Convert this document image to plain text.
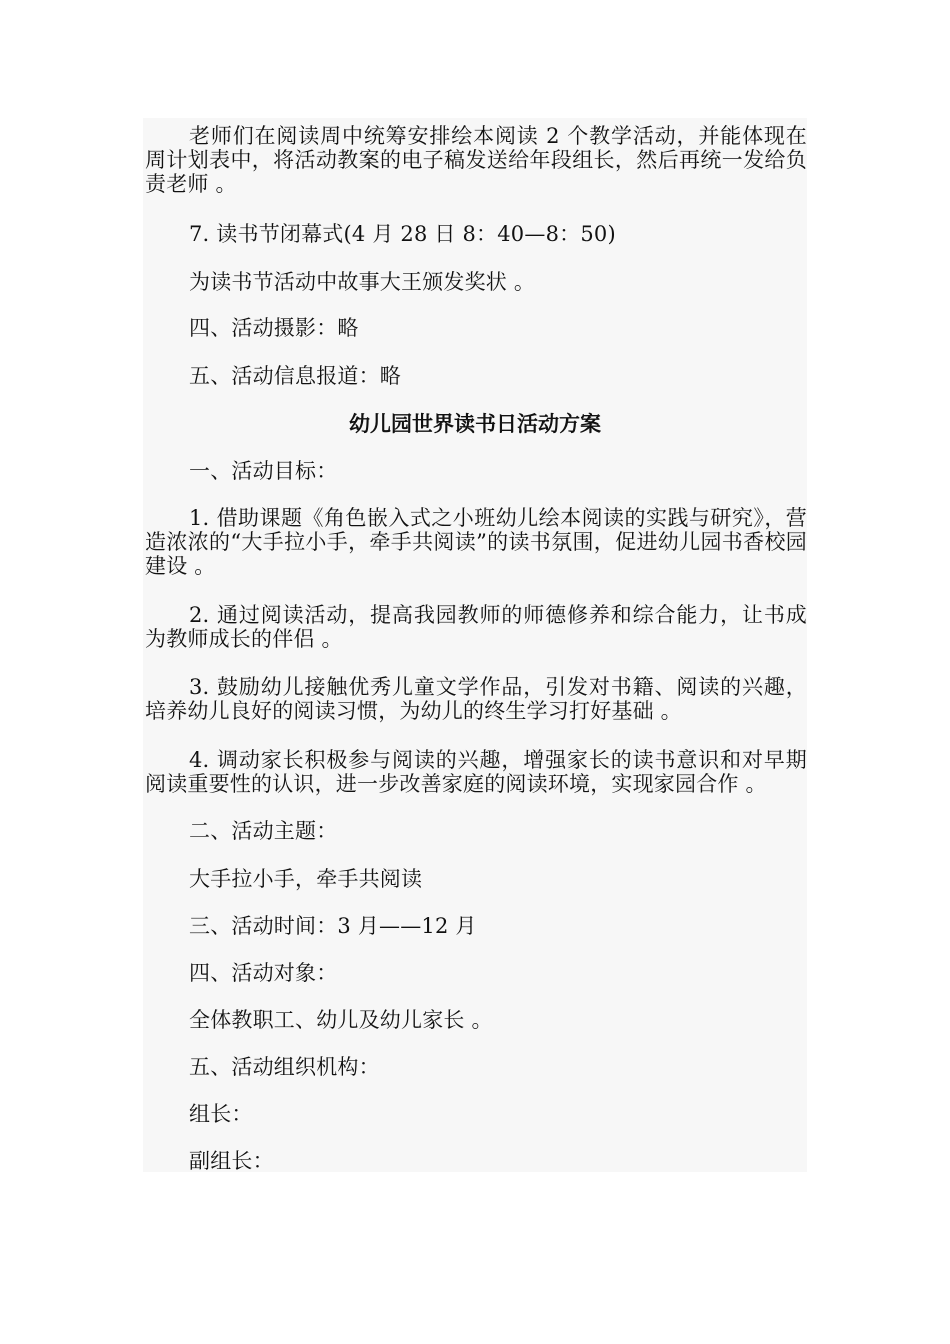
老师们在阅读周中统筹安排绘本阅读 2 个教学活动，并能体现在周计划表中，将活动教案的电子稿发送给年段组长，然后再统一发给负责老师 。

7. 读书节闭幕式(4 月 28 日 8：40—8：50)

为读书节活动中故事大王颁发奖状 。

四、活动摄影：略

五、活动信息报道：略

幼儿园世界读书日活动方案

一、活动目标：

1. 借助课题《角色嵌入式之小班幼儿绘本阅读的实践与研究》，营造浓浓的“大手拉小手，牵手共阅读”的读书氛围，促进幼儿园书香校园建设 。

2. 通过阅读活动，提高我园教师的师德修养和综合能力，让书成为教师成长的伴侣 。

3. 鼓励幼儿接触优秀儿童文学作品，引发对书籍、阅读的兴趣，培养幼儿良好的阅读习惯，为幼儿的终生学习打好基础 。

4. 调动家长积极参与阅读的兴趣，增强家长的读书意识和对早期阅读重要性的认识，进一步改善家庭的阅读环境，实现家园合作 。

二、活动主题：

大手拉小手，牵手共阅读

三、活动时间：3 月——12 月

四、活动对象：

全体教职工、幼儿及幼儿家长 。

五、活动组织机构：

组长：

副组长：
